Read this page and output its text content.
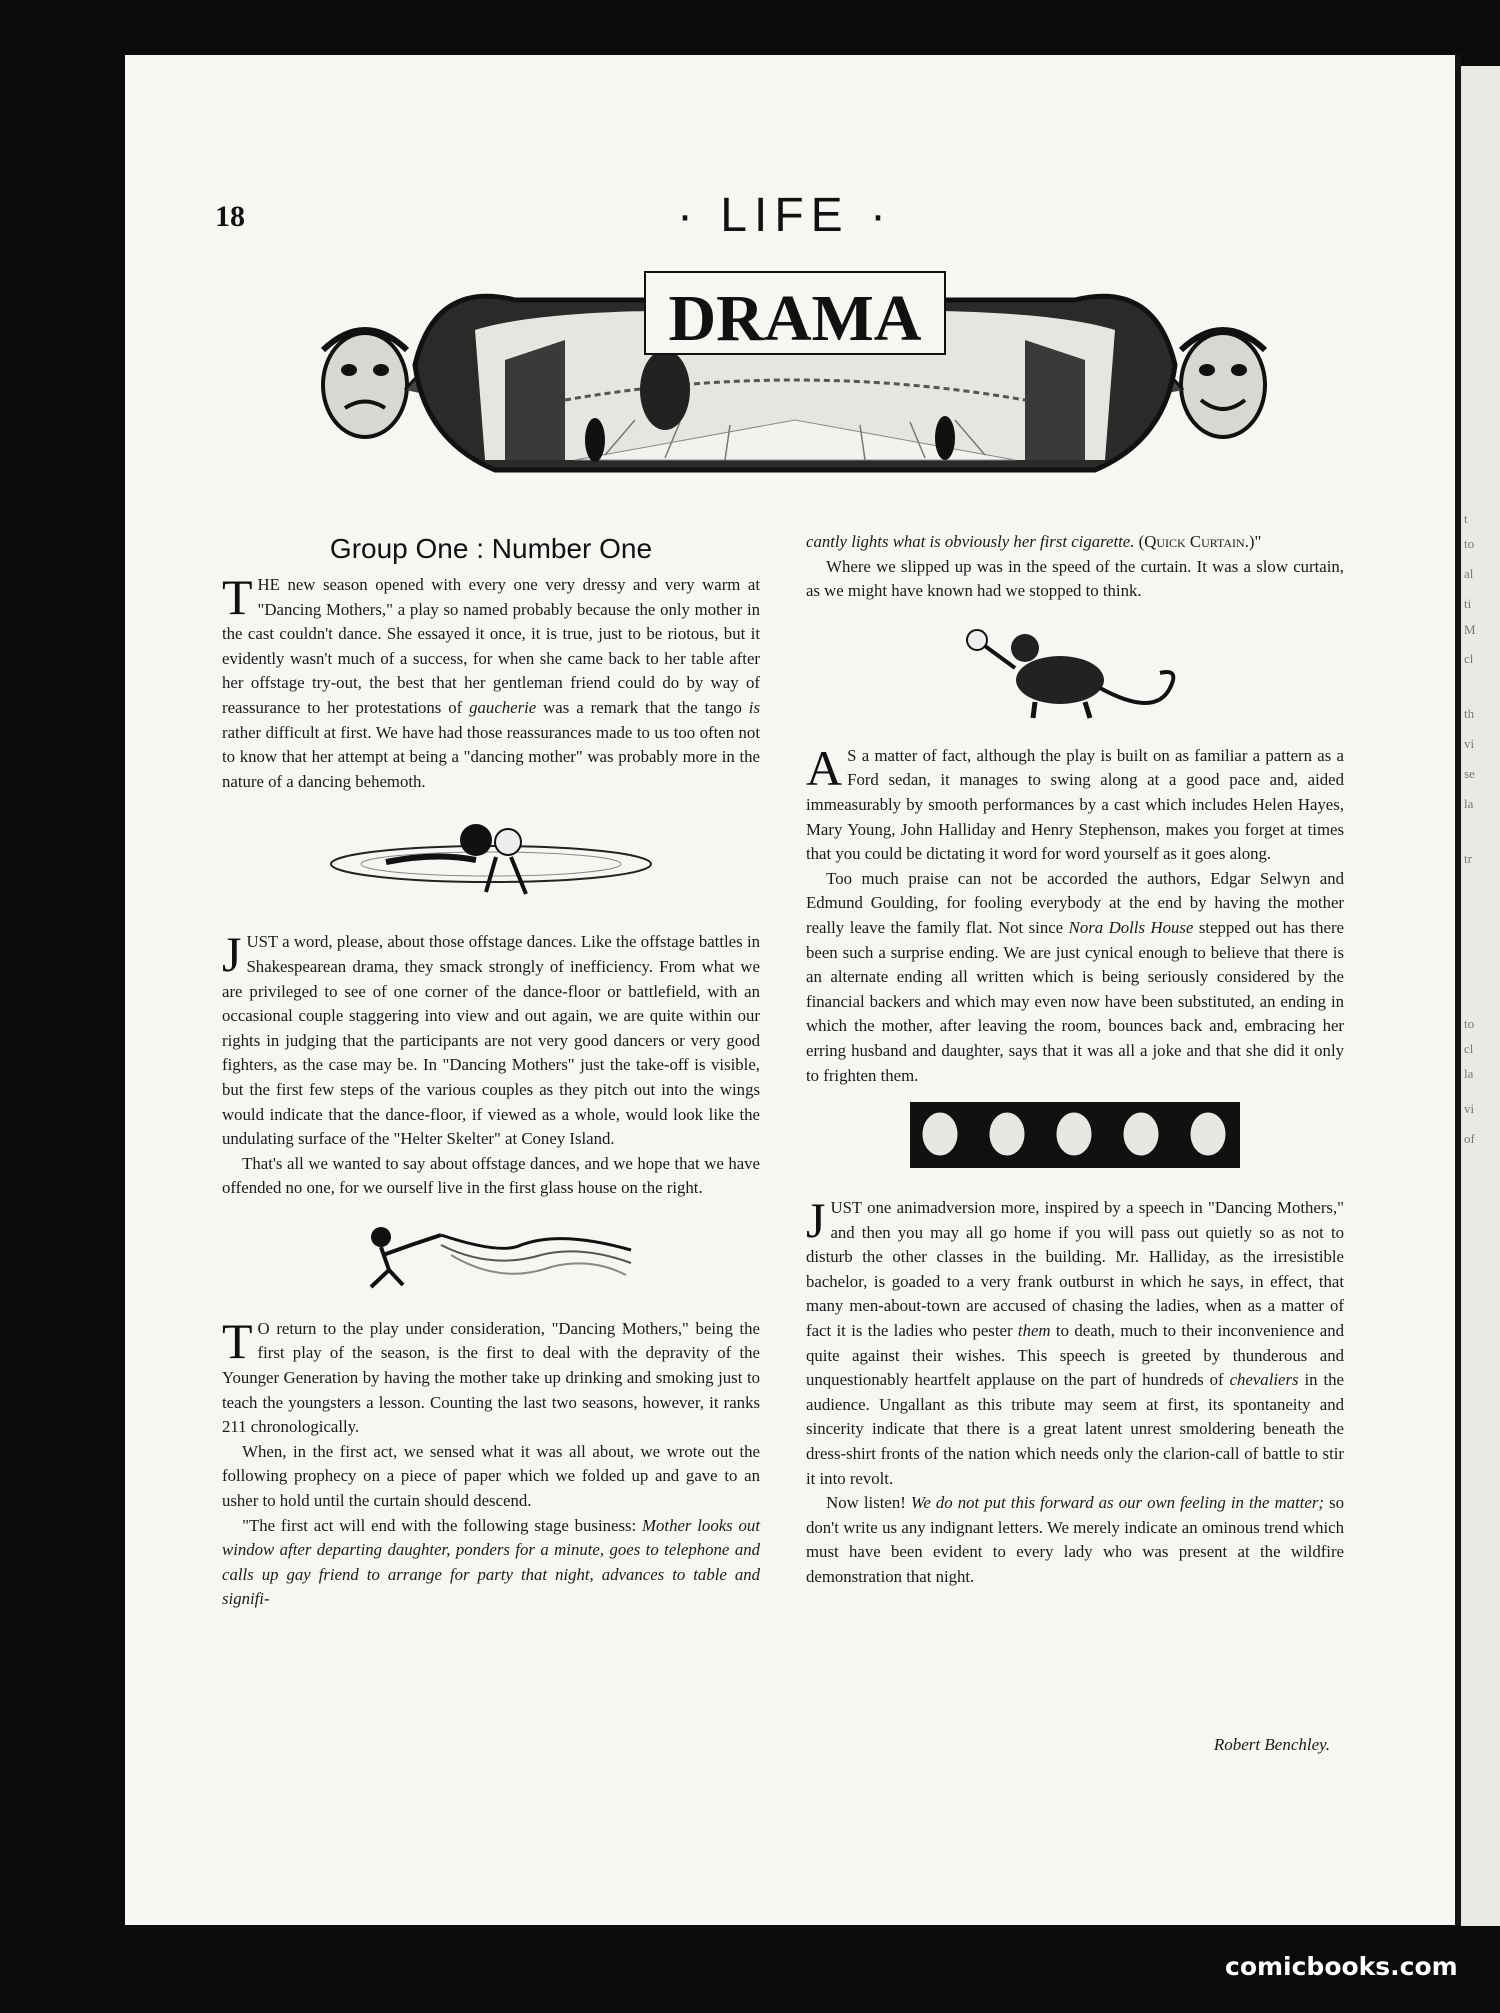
t
to
al
ti
M
cl
th
vi
se
la
tr
to
cl
la
vi
of
18	· LIFE ·
DRAMA
Group One : Number One

THE new season opened with every one very dressy and very warm at "Dancing Mothers," a play so named probably because the only mother in the cast couldn't dance. She essayed it once, it is true, just to be riotous, but it evidently wasn't much of a success, for when she came back to her table after her offstage try-out, the best that her gentleman friend could do by way of reassurance to her protestations of gaucherie was a remark that the tango is rather difficult at first. We have had those reassurances made to us too often not to know that her attempt at being a "dancing mother" was probably more in the nature of a dancing behemoth.

JUST a word, please, about those offstage dances. Like the offstage battles in Shakespearean drama, they smack strongly of inefficiency. From what we are privileged to see of one corner of the dance-floor or battlefield, with an occasional couple staggering into view and out again, we are quite within our rights in judging that the participants are not very good dancers or very good fighters, as the case may be. In "Dancing Mothers" just the take-off is visible, but the first few steps of the various couples as they pitch out into the wings would indicate that the dance-floor, if viewed as a whole, would look like the undulating surface of the "Helter Skelter" at Coney Island.

That's all we wanted to say about offstage dances, and we hope that we have offended no one, for we ourself live in the first glass house on the right.

T O return to the play under consideration, "Dancing Mothers," being the first play of the season, is the first to deal with the depravity of the Younger Generation by having the mother take up drinking and smoking just to teach the youngsters a lesson. Counting the last two seasons, however, it ranks 211 chronologically.

When, in the first act, we sensed what it was all about, we wrote out the following prophecy on a piece of paper which we folded up and gave to an usher to hold until the curtain should descend.

"The first act will end with the following stage business: Mother looks out window after departing daughter, ponders for a minute, goes to telephone and calls up gay friend to arrange for party that night, advances to table and signifi-

cantly lights what is obviously her first cigarette. (Quick Curtain.)"

Where we slipped up was in the speed of the curtain. It was a slow curtain, as we might have known had we stopped to think.

A S a matter of fact, although the play is built on as familiar a pattern as a Ford sedan, it manages to swing along at a good pace and, aided immeasurably by smooth performances by a cast which includes Helen Hayes, Mary Young, John Halliday and Henry Stephenson, makes you forget at times that you could be dictating it word for word yourself as it goes along.

Too much praise can not be accorded the authors, Edgar Selwyn and Edmund Goulding, for fooling everybody at the end by having the mother really leave the family flat. Not since Nora Dolls House stepped out has there been such a surprise ending. We are just cynical enough to believe that there is an alternate ending all written which is being seriously considered by the financial backers and which may even now have been substituted, an ending in which the mother, after leaving the room, bounces back and, embracing her erring husband and daughter, says that it was all a joke and that she did it only to frighten them.

JUST one animadversion more, inspired by a speech in "Dancing Mothers," and then you may all go home if you will pass out quietly so as not to disturb the other classes in the building. Mr. Halliday, as the irresistible bachelor, is goaded to a very frank outburst in which he says, in effect, that many men-about-town are accused of chasing the ladies, when as a matter of fact it is the ladies who pester them to death, much to their inconvenience and quite against their wishes. This speech is greeted by thunderous and unquestionably heartfelt applause on the part of hundreds of chevaliers in the audience. Ungallant as this tribute may seem at first, its spontaneity and sincerity indicate that there is a great latent unrest smoldering beneath the dress-shirt fronts of the nation which needs only the clarion-call of battle to stir it into revolt.

Now listen! We do not put this forward as our own feeling in the matter; so don't write us any indignant letters. We merely indicate an ominous trend which must have been evident to every lady who was present at the wildfire demonstration that night.

Robert Benchley.
comicbooks.com
